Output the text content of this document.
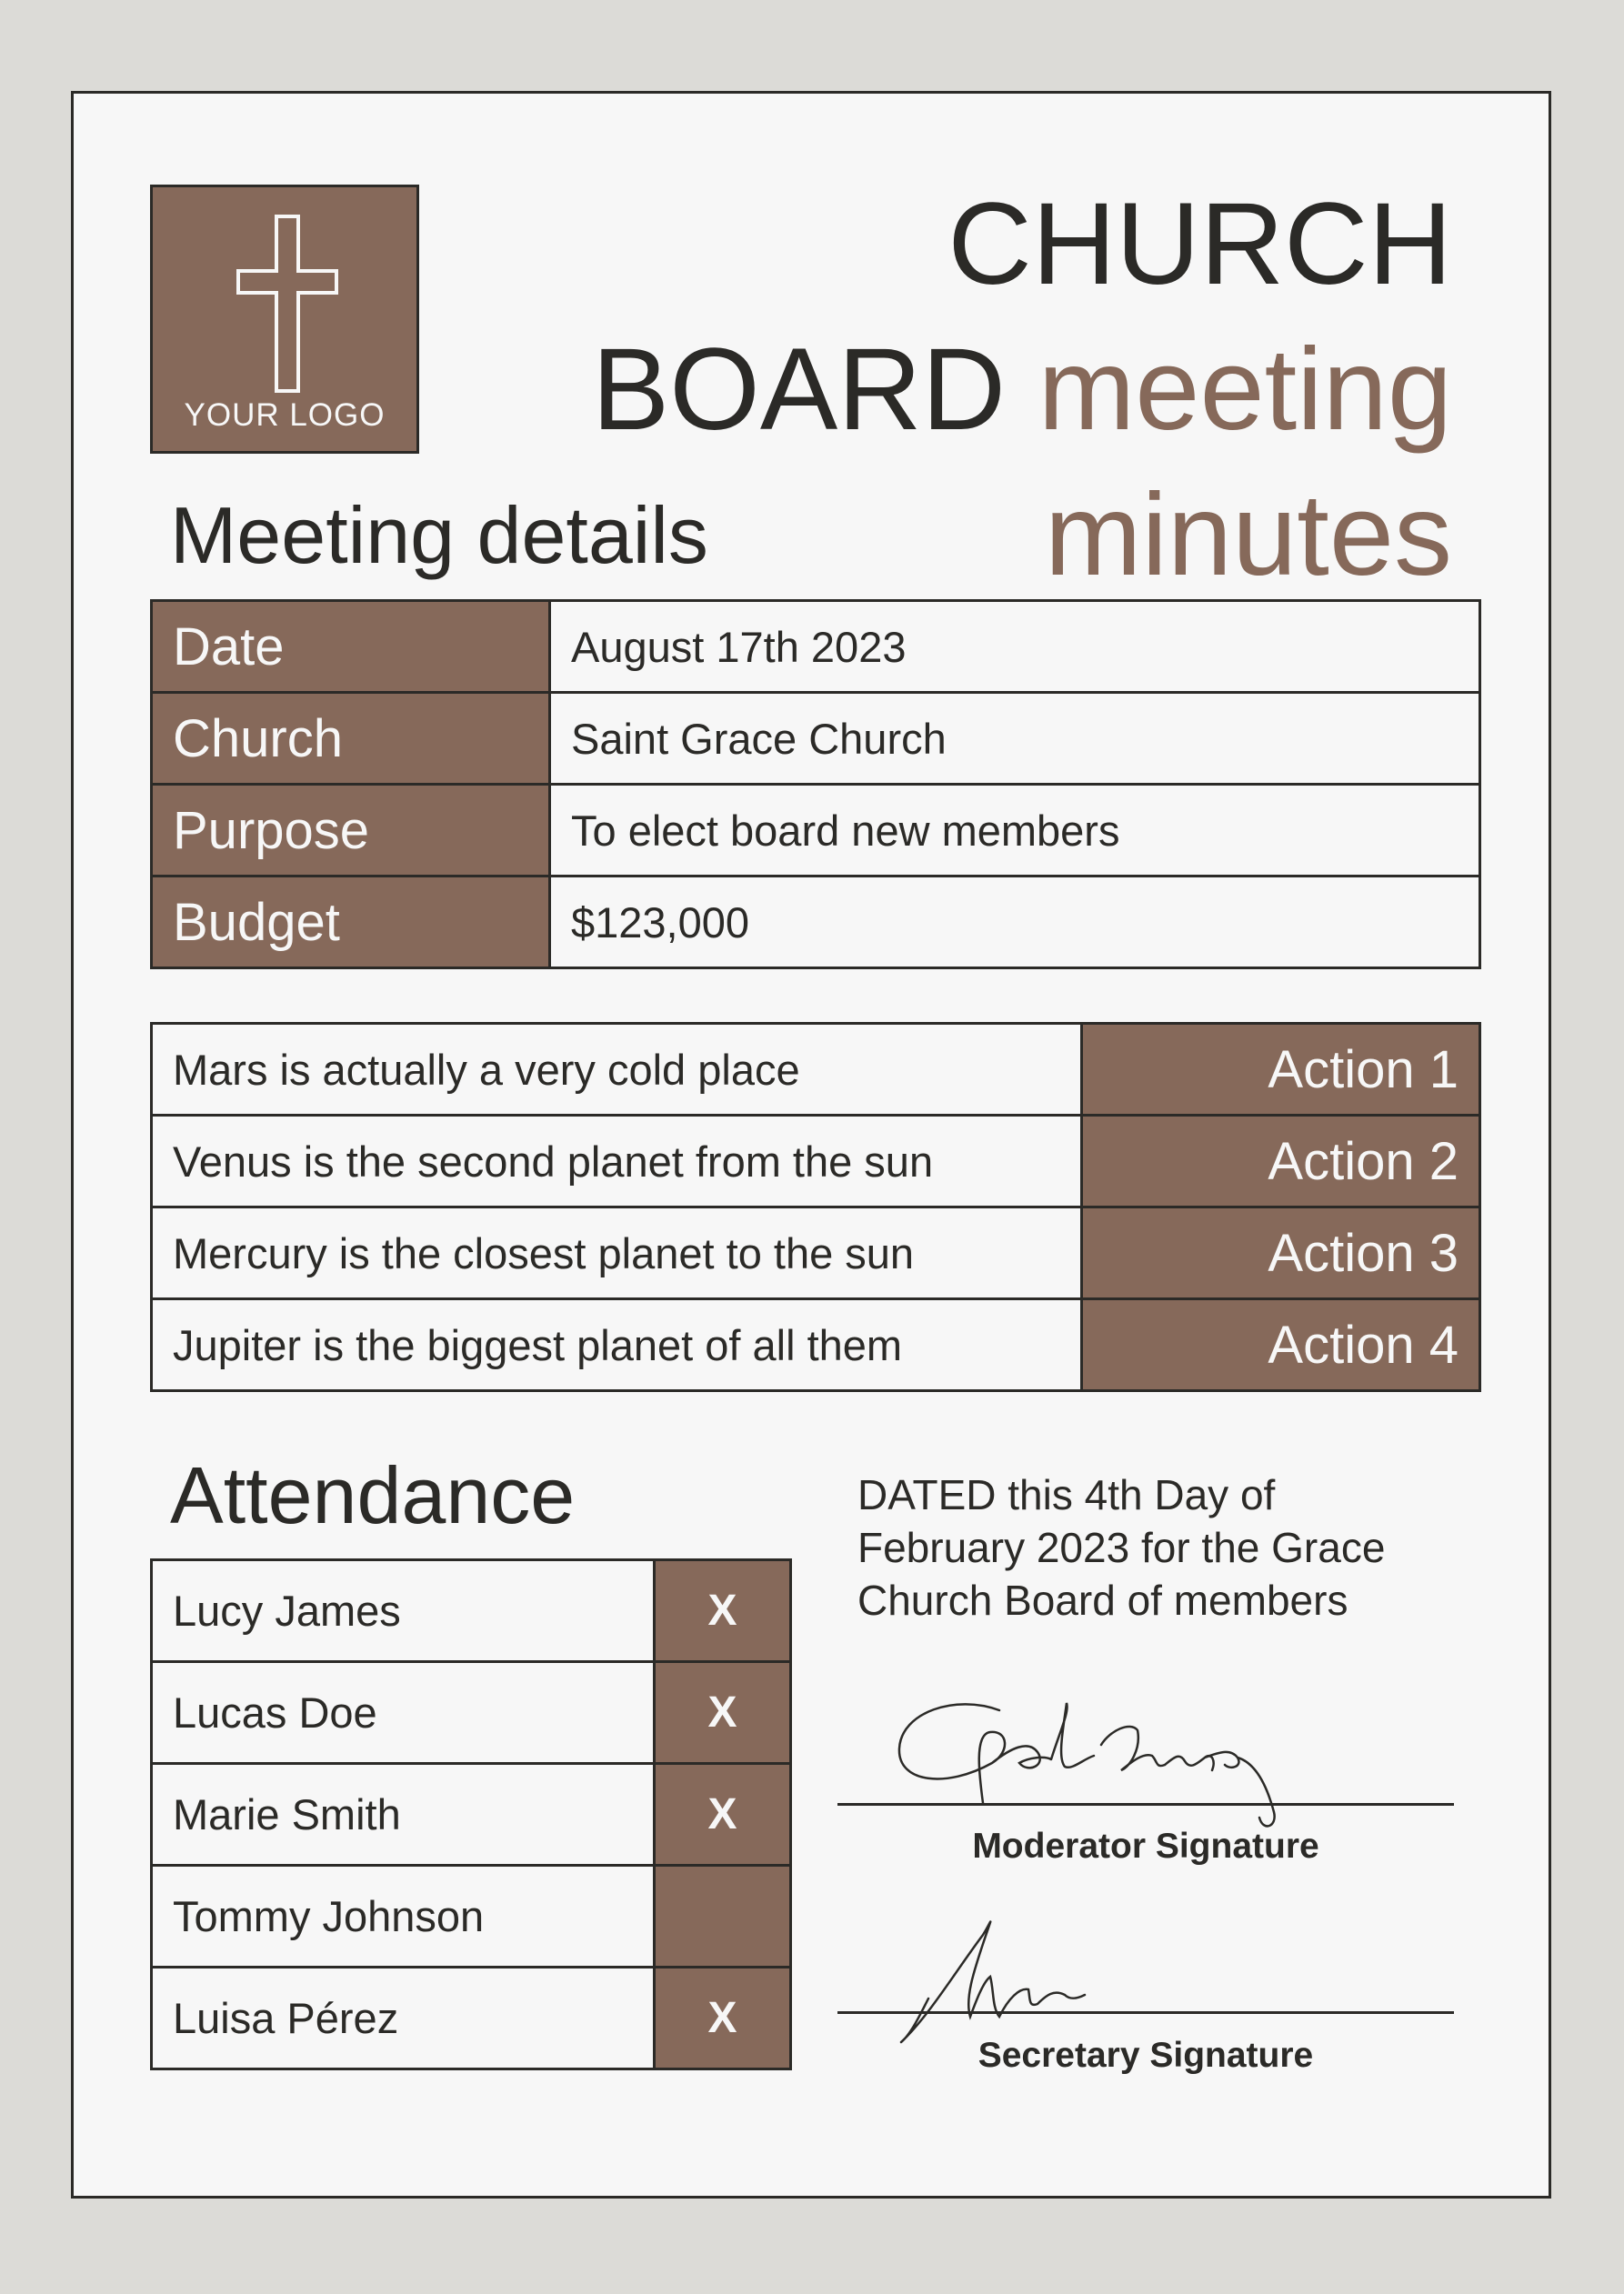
YOUR LOGO
CHURCH
BOARD meeting
minutes
Meeting details
Date	August 17th 2023
Church	Saint Grace Church
Purpose	To elect board new members
Budget	$123,000
Mars is actually a very cold place	Action 1
Venus is the second planet from the sun	Action 2
Mercury is the closest planet to the sun	Action 3
Jupiter is the biggest planet of all them	Action 4
Attendance
Lucy James	X
Lucas Doe	X
Marie Smith	X
Tommy Johnson	
Luisa Pérez	X
DATED this 4th Day of
February 2023 for the Grace
Church Board of members
Moderator Signature
Secretary Signature
